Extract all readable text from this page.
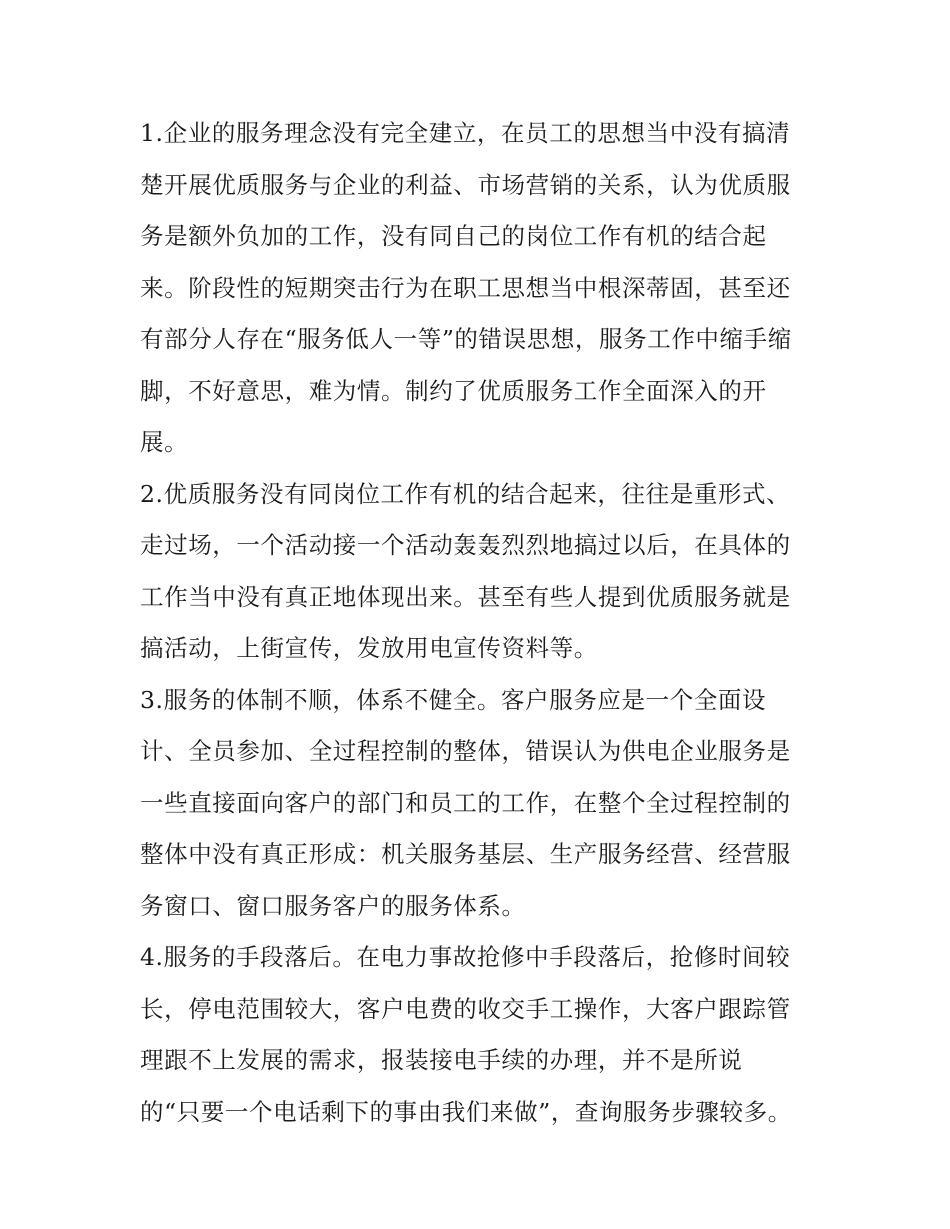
1.企业的服务理念没有完全建立，在员工的思想当中没有搞清
楚开展优质服务与企业的利益、市场营销的关系，认为优质服
务是额外负加的工作，没有同自己的岗位工作有机的结合起
来。阶段性的短期突击行为在职工思想当中根深蒂固，甚至还
有部分人存在“服务低人一等”的错误思想，服务工作中缩手缩
脚，不好意思，难为情。制约了优质服务工作全面深入的开
展。

2.优质服务没有同岗位工作有机的结合起来，往往是重形式、
走过场，一个活动接一个活动轰轰烈烈地搞过以后，在具体的
工作当中没有真正地体现出来。甚至有些人提到优质服务就是
搞活动，上街宣传，发放用电宣传资料等。

3.服务的体制不顺，体系不健全。客户服务应是一个全面设
计、全员参加、全过程控制的整体，错误认为供电企业服务是
一些直接面向客户的部门和员工的工作，在整个全过程控制的
整体中没有真正形成：机关服务基层、生产服务经营、经营服
务窗口、窗口服务客户的服务体系。

4.服务的手段落后。在电力事故抢修中手段落后，抢修时间较
长，停电范围较大，客户电费的收交手工操作，大客户跟踪管
理跟不上发展的需求，报装接电手续的办理，并不是所说
的“只要一个电话剩下的事由我们来做”，查询服务步骤较多。
